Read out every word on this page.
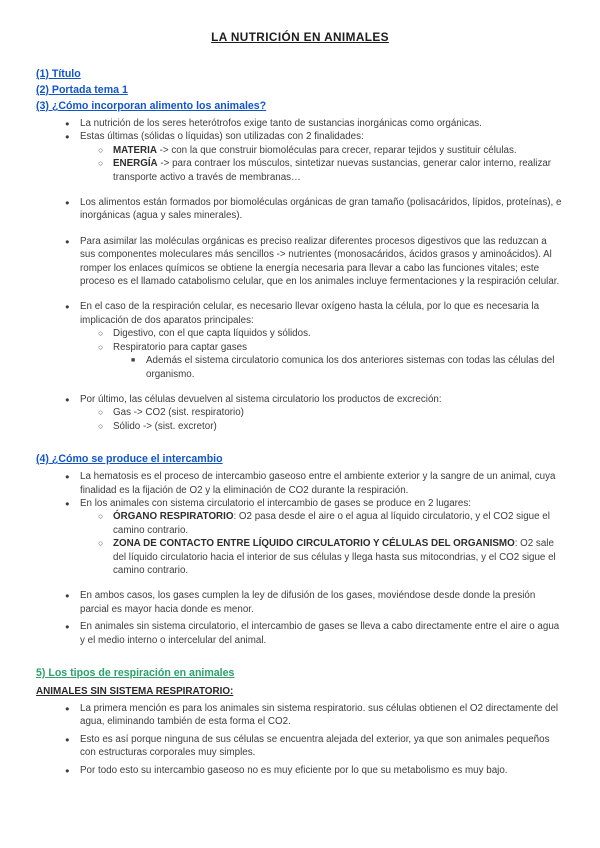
LA NUTRICIÓN EN ANIMALES
(1) Título
(2) Portada tema 1
(3) ¿Cómo incorporan alimento los animales?
●	La nutrición de los seres heterótrofos exige tanto de sustancias inorgánicas como orgánicas.
●	Estas últimas (sólidas o líquidas) son utilizadas con 2 finalidades:
○	MATERIA -> con la que construir biomoléculas para crecer, reparar tejidos y sustituir células.
○	ENERGÍA -> para contraer los músculos, sintetizar nuevas sustancias, generar calor interno, realizar transporte activo a través de membranas…
●	Los alimentos están formados por biomoléculas orgánicas de gran tamaño (polisacáridos, lípidos, proteínas), e inorgánicas (agua y sales minerales).
●	Para asimilar las moléculas orgánicas es preciso realizar diferentes procesos digestivos que las reduzcan a sus componentes moleculares más sencillos -> nutrientes (monosacáridos, ácidos grasos y aminoácidos). Al romper los enlaces químicos se obtiene la energía necesaria para llevar a cabo las funciones vitales; este proceso es el llamado catabolismo celular, que en los animales incluye fermentaciones y la respiración celular.
●	En el caso de la respiración celular, es necesario llevar oxígeno hasta la célula, por lo que es necesaria la implicación de dos aparatos principales:
○	Digestivo, con el que capta líquidos y sólidos.
○	Respiratorio para captar gases
■	Además el sistema circulatorio comunica los dos anteriores sistemas con todas las células del organismo.
●	Por último, las células devuelven al sistema circulatorio los productos de excreción:
○	Gas -> CO2 (sist. respiratorio)
○	Sólido -> (sist. excretor)
(4) ¿Cómo se produce el intercambio
●	La hematosis es el proceso de intercambio gaseoso entre el ambiente exterior y la sangre de un animal, cuya finalidad es la fijación de O2 y la eliminación de CO2 durante la respiración.
●	En los animales con sistema circulatorio el intercambio de gases se produce en 2 lugares:
○	ÓRGANO RESPIRATORIO: O2 pasa desde el aire o el agua al líquido circulatorio, y el CO2 sigue el camino contrario.
○	ZONA DE CONTACTO ENTRE LÍQUIDO CIRCULATORIO Y CÉLULAS DEL ORGANISMO: O2 sale del líquido circulatorio hacia el interior de sus células y llega hasta sus mitocondrias, y el CO2 sigue el camino contrario.
●	En ambos casos, los gases cumplen la ley de difusión de los gases, moviéndose desde donde la presión parcial es mayor hacia donde es menor.
●	En animales sin sistema circulatorio, el intercambio de gases se lleva a cabo directamente entre el aire o agua y el medio interno o intercelular del animal.
5) Los tipos de respiración en animales
ANIMALES SIN SISTEMA RESPIRATORIO:
●	La primera mención es para los animales sin sistema respiratorio. sus células obtienen el O2 directamente del agua, eliminando también de esta forma el CO2.
●	Esto es así porque ninguna de sus células se encuentra alejada del exterior, ya que son animales pequeños con estructuras corporales muy simples.
●	Por todo esto su intercambio gaseoso no es muy eficiente por lo que su metabolismo es muy bajo.
